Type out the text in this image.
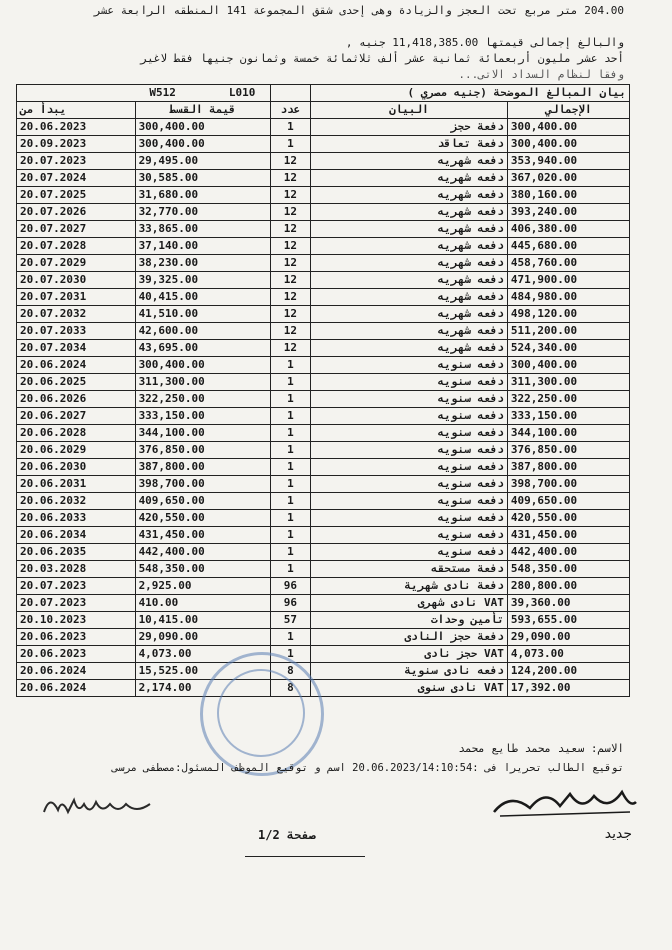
204.00 متر مربع تحت العجز والزيادة وهى إحدى شقق المجموعة 141 المنطقه الرابعة عشر
والبالغ إجمالى قيمتها 11,418,385.00 جنيه ,
أحد عشر مليون أربعمائة ثمانية عشر ألف ثلاثمائة خمسة وثمانون جنيها فقط لاغير
وفقا لنظام السداد الاتى...
	W512 L010		بيان المبالغ الموضحة (جنيه مصري )	
يبدأ من	قيمة القسط	عدد	البيان	الإجمالي
20.06.2023	300,400.00	1	دفعة حجز	300,400.00
20.09.2023	300,400.00	1	دفعة تعاقد	300,400.00
20.07.2023	29,495.00	12	دفعه شهريه	353,940.00
20.07.2024	30,585.00	12	دفعه شهريه	367,020.00
20.07.2025	31,680.00	12	دفعه شهريه	380,160.00
20.07.2026	32,770.00	12	دفعه شهريه	393,240.00
20.07.2027	33,865.00	12	دفعه شهريه	406,380.00
20.07.2028	37,140.00	12	دفعه شهريه	445,680.00
20.07.2029	38,230.00	12	دفعه شهريه	458,760.00
20.07.2030	39,325.00	12	دفعه شهريه	471,900.00
20.07.2031	40,415.00	12	دفعه شهريه	484,980.00
20.07.2032	41,510.00	12	دفعه شهريه	498,120.00
20.07.2033	42,600.00	12	دفعه شهريه	511,200.00
20.07.2034	43,695.00	12	دفعه شهريه	524,340.00
20.06.2024	300,400.00	1	دفعه سنويه	300,400.00
20.06.2025	311,300.00	1	دفعه سنويه	311,300.00
20.06.2026	322,250.00	1	دفعه سنويه	322,250.00
20.06.2027	333,150.00	1	دفعه سنويه	333,150.00
20.06.2028	344,100.00	1	دفعه سنويه	344,100.00
20.06.2029	376,850.00	1	دفعه سنويه	376,850.00
20.06.2030	387,800.00	1	دفعه سنويه	387,800.00
20.06.2031	398,700.00	1	دفعه سنويه	398,700.00
20.06.2032	409,650.00	1	دفعه سنويه	409,650.00
20.06.2033	420,550.00	1	دفعه سنويه	420,550.00
20.06.2034	431,450.00	1	دفعه سنويه	431,450.00
20.06.2035	442,400.00	1	دفعه سنويه	442,400.00
20.03.2028	548,350.00	1	دفعة مستحقه	548,350.00
20.07.2023	2,925.00	96	دفعة نادى شهرية	280,800.00
20.07.2023	410.00	96	VAT نادى شهرى	39,360.00
20.10.2023	10,415.00	57	تأمين وحدات	593,655.00
20.06.2023	29,090.00	1	دفعة حجز النادى	29,090.00
20.06.2023	4,073.00	1	VAT حجز نادى	4,073.00
20.06.2024	15,525.00	8	دفعه نادى سنوية	124,200.00
20.06.2024	2,174.00	8	VAT نادى سنوى	17,392.00
الاسم: سعيد محمد طايع محمد
توقيع الطالب تحريرا فى :20.06.2023/14:10:54 اسم و توقيع الموظف المسئول:مصطفى مرسى
صفحة 1/2	جديد
